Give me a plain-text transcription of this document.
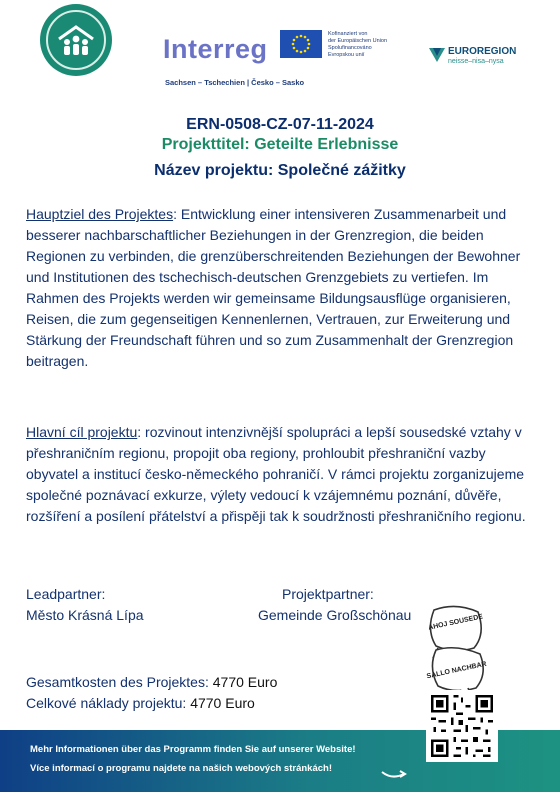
Interreg	Kofinanziert von
der Europäischen Union
Spolufinancováno
Evropskou unií	EUROREGION
neisse–nisa–nysa
Sachsen – Tschechien | Česko – Sasko
ERN-0508-CZ-07-11-2024
Projekttitel: Geteilte Erlebnisse
Název projektu: Společné zážitky
Hauptziel des Projektes: Entwicklung einer intensiveren Zusammenarbeit und besserer nachbarschaftlicher Beziehungen in der Grenzregion, die beiden Regionen zu verbinden, die grenzüberschreitenden Beziehungen der Bewohner und Institutionen des tschechisch-deutschen Grenzgebiets zu vertiefen. Im Rahmen des Projekts werden wir gemeinsame Bildungsausflüge organisieren, Reisen, die zum gegenseitigen Kennenlernen, Vertrauen, zur Erweiterung und Stärkung der Freundschaft führen und so zum Zusammenhalt der Grenzregion beitragen.
Hlavní cíl projektu: rozvinout intenzivnější spolupráci a lepší sousedské vztahy v přeshraničním regionu, propojit oba regiony, prohloubit přeshraniční vazby obyvatel a institucí česko-německého pohraničí. V rámci projektu zorganizujeme společné poznávací exkurze, výlety vedoucí k vzájemnému poznání, důvěře, rozšíření a posílení přátelství a přispěji tak k soudržnosti přeshraničního regionu.
Leadpartner:
Město Krásná Lípa
Projektpartner:
Gemeinde Großschönau AHOJ SOUSEDE
SALLO NACHBAR
Gesamtkosten des Projektes: 4770 Euro
Celkové náklady projektu: 4770 Euro
Mehr Informationen über das Programm finden Sie auf unserer Website!
Více informací o programu najdete na našich webových stránkách!
